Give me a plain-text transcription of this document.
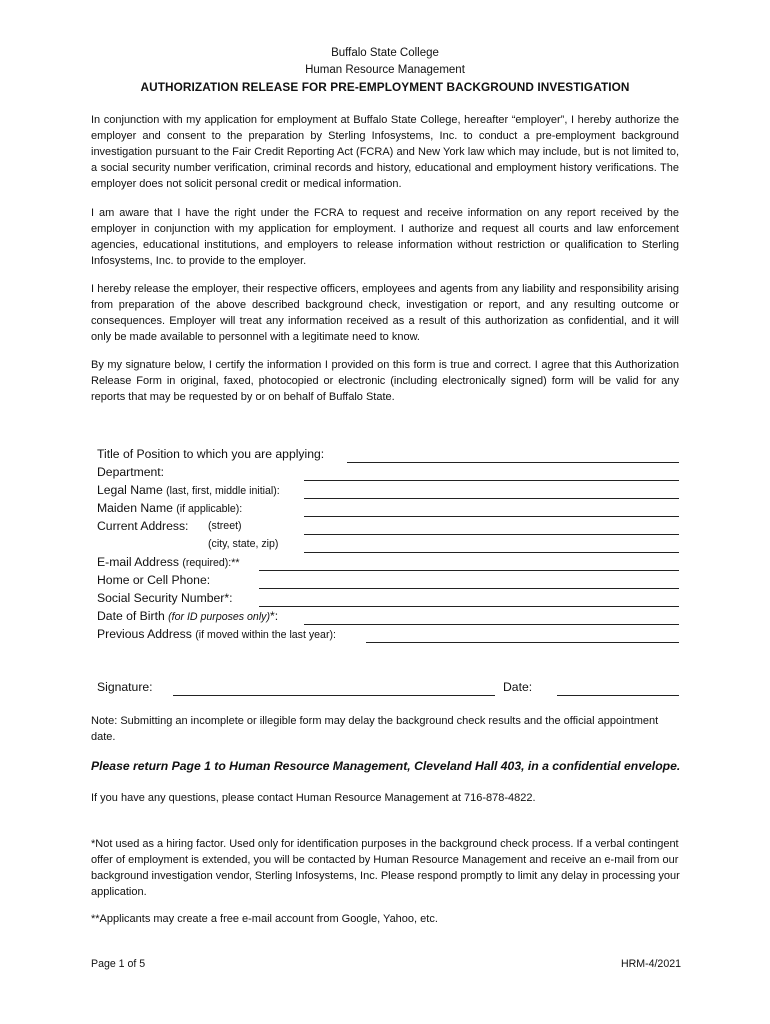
Buffalo State College
Human Resource Management
AUTHORIZATION RELEASE FOR PRE-EMPLOYMENT BACKGROUND INVESTIGATION

In conjunction with my application for employment at Buffalo State College, hereafter “employer”, I hereby authorize the employer and consent to the preparation by Sterling Infosystems, Inc. to conduct a pre-employment background investigation pursuant to the Fair Credit Reporting Act (FCRA) and New York law which may include, but is not limited to, a social security number verification, criminal records and history, educational and employment history verifications. The employer does not solicit personal credit or medical information.

I am aware that I have the right under the FCRA to request and receive information on any report received by the employer in conjunction with my application for employment. I authorize and request all courts and law enforcement agencies, educational institutions, and employers to release information without restriction or qualification to Sterling Infosystems, Inc. to provide to the employer.

I hereby release the employer, their respective officers, employees and agents from any liability and responsibility arising from preparation of the above described background check, investigation or report, and any resulting outcome or consequences. Employer will treat any information received as a result of this authorization as confidential, and it will only be made available to personnel with a legitimate need to know.

By my signature below, I certify the information I provided on this form is true and correct. I agree that this Authorization Release Form in original, faxed, photocopied or electronic (including electronically signed) form will be valid for any reports that may be requested by or on behalf of Buffalo State.

Title of Position to which you are applying:
Department:
Legal Name (last, first, middle initial):
Maiden Name (if applicable):
Current Address: (street)
(city, state, zip)
E-mail Address (required):**
Home or Cell Phone:
Social Security Number*:
Date of Birth (for ID purposes only)*:
Previous Address (if moved within the last year):
Signature:	Date:

Note: Submitting an incomplete or illegible form may delay the background check results and the official appointment date.

Please return Page 1 to Human Resource Management, Cleveland Hall 403, in a confidential envelope.
If you have any questions, please contact Human Resource Management at 716-878-4822.

*Not used as a hiring factor. Used only for identification purposes in the background check process. If a verbal contingent offer of employment is extended, you will be contacted by Human Resource Management and receive an e-mail from our background investigation vendor, Sterling Infosystems, Inc. Please respond promptly to limit any delay in processing your application.

**Applicants may create a free e-mail account from Google, Yahoo, etc.
Page 1 of 5	HRM-4/2021
